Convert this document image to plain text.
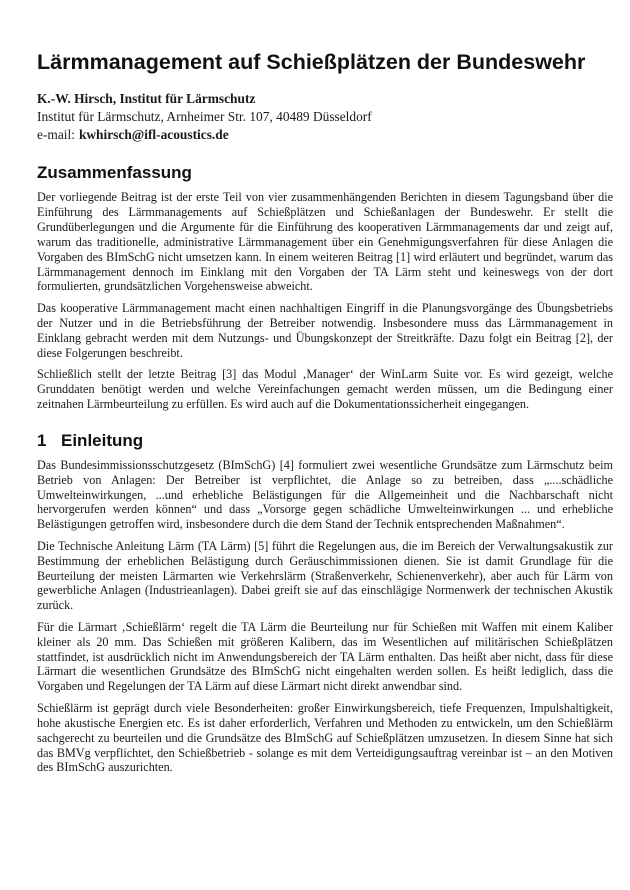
Lärmmanagement auf Schießplätzen der Bundeswehr
K.-W. Hirsch, Institut für Lärmschutz
Institut für Lärmschutz, Arnheimer Str. 107, 40489 Düsseldorf
e-mail: kwhirsch@ifl-acoustics.de
Zusammenfassung

Der vorliegende Beitrag ist der erste Teil von vier zusammenhängenden Berichten in diesem Tagungsband über die Einführung des Lärmmanagements auf Schießplätzen und Schießanlagen der Bundeswehr. Er stellt die Grundüberlegungen und die Argumente für die Einführung des kooperativen Lärmmanagements dar und zeigt auf, warum das traditionelle, administrative Lärmmanagement über ein Genehmigungsverfahren für diese Anlagen die Vorgaben des BImSchG nicht umsetzen kann. In einem weiteren Beitrag [1] wird erläutert und begründet, warum das Lärmmanagement dennoch im Einklang mit den Vorgaben der TA Lärm steht und keineswegs von der dort formulierten, grundsätzlichen Vorgehensweise abweicht.

Das kooperative Lärmmanagement macht einen nachhaltigen Eingriff in die Planungsvorgänge des Übungsbetriebs der Nutzer und in die Betriebsführung der Betreiber notwendig. Insbesondere muss das Lärmmanagement in Einklang gebracht werden mit dem Nutzungs- und Übungskonzept der Streitkräfte. Dazu folgt ein Beitrag [2], der diese Folgerungen beschreibt.

Schließlich stellt der letzte Beitrag [3] das Modul ‚Manager‘ der WinLarm Suite vor. Es wird gezeigt, welche Grunddaten benötigt werden und welche Vereinfachungen gemacht werden müssen, um die Bedingung einer zeitnahen Lärmbeurteilung zu erfüllen. Es wird auch auf die Dokumentationssicherheit eingegangen.

1 Einleitung

Das Bundesimmissionsschutzgesetz (BImSchG) [4] formuliert zwei wesentliche Grundsätze zum Lärmschutz beim Betrieb von Anlagen: Der Betreiber ist verpflichtet, die Anlage so zu betreiben, dass „....schädliche Umwelteinwirkungen, ...und erhebliche Belästigungen für die Allgemeinheit und die Nachbarschaft nicht hervorgerufen werden können“ und dass „Vorsorge gegen schädliche Umwelteinwirkungen ... und erhebliche Belästigungen getroffen wird, insbesondere durch die dem Stand der Technik entsprechenden Maßnahmen“.

Die Technische Anleitung Lärm (TA Lärm) [5] führt die Regelungen aus, die im Bereich der Verwaltungsakustik zur Bestimmung der erheblichen Belästigung durch Geräuschimmissionen dienen. Sie ist damit Grundlage für die Beurteilung der meisten Lärmarten wie Verkehrslärm (Straßenverkehr, Schienenverkehr), aber auch für Lärm von gewerbliche Anlagen (Industrieanlagen). Dabei greift sie auf das einschlägige Normenwerk der technischen Akustik zurück.

Für die Lärmart ‚Schießlärm‘ regelt die TA Lärm die Beurteilung nur für Schießen mit Waffen mit einem Kaliber kleiner als 20 mm. Das Schießen mit größeren Kalibern, das im Wesentlichen auf militärischen Schießplätzen stattfindet, ist ausdrücklich nicht im Anwendungsbereich der TA Lärm enthalten. Das heißt aber nicht, dass für diese Lärmart die wesentlichen Grundsätze des BImSchG nicht eingehalten werden sollen. Es heißt lediglich, dass die Vorgaben und Regelungen der TA Lärm auf diese Lärmart nicht direkt anwendbar sind.

Schießlärm ist geprägt durch viele Besonderheiten: großer Einwirkungsbereich, tiefe Frequenzen, Impulshaltigkeit, hohe akustische Energien etc. Es ist daher erforderlich, Verfahren und Methoden zu entwickeln, um den Schießlärm sachgerecht zu beurteilen und die Grundsätze des BImSchG auf Schießplätzen umzusetzen. In diesem Sinne hat sich das BMVg verpflichtet, den Schießbetrieb - solange es mit dem Verteidigungsauftrag vereinbar ist – an den Motiven des BImSchG auszurichten.
